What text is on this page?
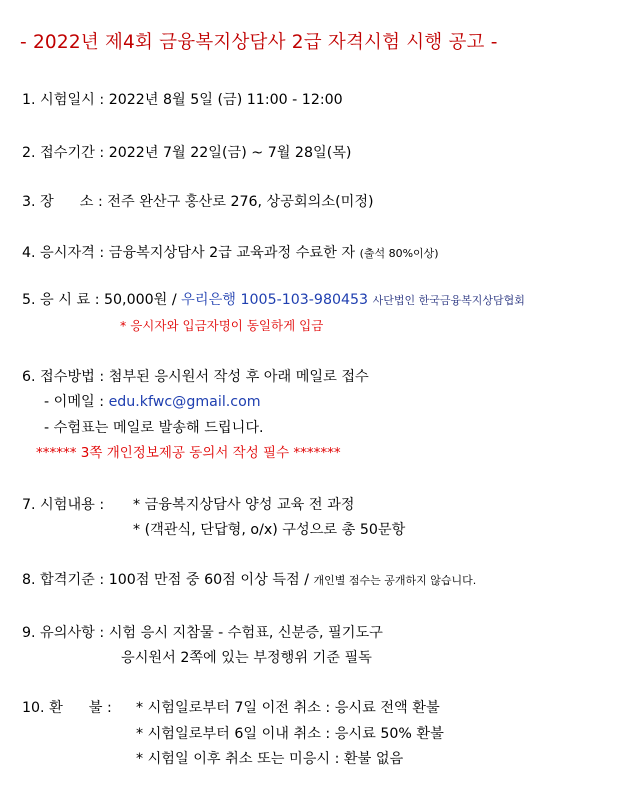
- 2022년 제4회 금융복지상담사 2급 자격시험 시행 공고 -
1. 시험일시 : 2022년 8월 5일 (금) 11:00 - 12:00
2. 접수기간 : 2022년 7월 22일(금) ~ 7월 28일(목)
3. 장 소 : 전주 완산구 홍산로 276, 상공회의소(미정)
4. 응시자격 : 금융복지상담사 2급 교육과정 수료한 자 (출석 80%이상)
5. 응 시 료 : 50,000원 / 우리은행 1005-103-980453 사단법인 한국금융복지상담협회
* 응시자와 입금자명이 동일하게 입금
6. 접수방법 : 첨부된 응시원서 작성 후 아래 메일로 접수
- 이메일 : edu.kfwc@gmail.com
- 수험표는 메일로 발송해 드립니다.
****** 3쪽 개인정보제공 동의서 작성 필수 *******
7. 시험내용 : * 금융복지상담사 양성 교육 전 과정
* (객관식, 단답형, o/x) 구성으로 총 50문항
8. 합격기준 : 100점 만점 중 60점 이상 득점 / 개인별 점수는 공개하지 않습니다.
9. 유의사항 : 시험 응시 지참물 - 수험표, 신분증, 필기도구
응시원서 2쪽에 있는 부정행위 기준 필독
10. 환 불 : * 시험일로부터 7일 이전 취소 : 응시료 전액 환불
* 시험일로부터 6일 이내 취소 : 응시료 50% 환불
* 시험일 이후 취소 또는 미응시 : 환불 없음
